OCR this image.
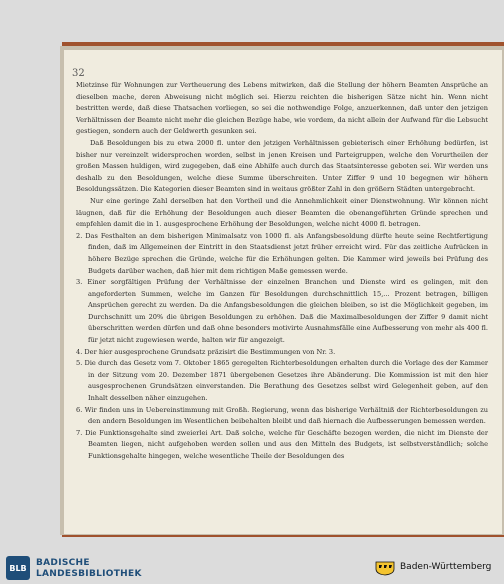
32

Mietzinse für Wohnungen zur Vertheuerung des Lebens mitwirken, daß die Stellung der höhern Beamten Ansprüche an dieselben mache, deren Abweisung nicht möglich sei. Hierzu reichten die bisherigen Sätze nicht hin. Wenn nicht bestritten werde, daß diese Thatsachen vorliegen, so sei die nothwendige Folge, anzuerkennen, daß unter den jetzigen Verhältnissen der Beamte nicht mehr die gleichen Bezüge habe, wie vordem, da nicht allein der Aufwand für die Lebsucht gestiegen, sondern auch der Geldwerth gesunken sei.

Daß Besoldungen bis zu etwa 2000 fl. unter den jetzigen Verhältnissen gebieterisch einer Erhöhung bedürfen, ist bisher nur vereinzelt widersprochen worden, selbst in jenen Kreisen und Parteigruppen, welche den Vorurtheilen der großen Massen huldigen, wird zugegeben, daß eine Abhilfe auch durch das Staatsinteresse geboten sei. Wir werden uns deshalb zu den Besoldungen, welche diese Summe überschreiten. Unter Ziffer 9 und 10 begegnen wir höhern Besoldungssätzen. Die Kategorien dieser Beamten sind in weitaus größter Zahl in den größern Städten untergebracht.

Nur eine geringe Zahl derselben hat den Vortheil und die Annehmlichkeit einer Dienstwohnung. Wir können nicht läugnen, daß für die Erhöhung der Besoldungen auch dieser Beamten die obenangeführten Gründe sprechen und empfehlen damit die in 1. ausgesprochene Erhöhung der Besoldungen, welche nicht 4000 fl. betragen.

2. Das Festhalten an dem bisherigen Minimalsatz von 1000 fl. als Anfangsbesoldung dürfte heute seine Rechtfertigung finden, daß im Allgemeinen der Eintritt in den Staatsdienst jetzt früher erreicht wird. Für das zeitliche Aufrücken in höhere Bezüge sprechen die Gründe, welche für die Erhöhungen gelten. Die Kammer wird jeweils bei Prüfung des Budgets darüber wachen, daß hier mit dem richtigen Maße gemessen werde.

3. Einer sorgfältigen Prüfung der Verhältnisse der einzelnen Branchen und Dienste wird es gelingen, mit den angeforderten Summen, welche im Ganzen für Besoldungen durchschnittlich 15,... Prozent betragen, billigen Ansprüchen gerecht zu werden. Da die Anfangsbesoldungen die gleichen bleiben, so ist die Möglichkeit gegeben, im Durchschnitt um 20% die übrigen Besoldungen zu erhöhen. Daß die Maximalbesoldungen der Ziffer 9 damit nicht überschritten werden dürfen und daß ohne besonders motivirte Ausnahmsfälle eine Aufbesserung von mehr als 400 fl. für jetzt nicht zugewiesen werde, halten wir für angezeigt.

4. Der hier ausgesprochene Grundsatz präzisirt die Bestimmungen von Nr. 3.

5. Die durch das Gesetz vom 7. Oktober 1865 geregelten Richterbesoldungen erhalten durch die Vorlage des der Kammer in der Sitzung vom 20. Dezember 1871 übergebenen Gesetzes ihre Abänderung. Die Kommission ist mit den hier ausgesprochenen Grundsätzen einverstanden. Die Berathung des Gesetzes selbst wird Gelegenheit geben, auf den Inhalt desselben näher einzugehen.

6. Wir finden uns in Uebereinstimmung mit Großh. Regierung, wenn das bisherige Verhältniß der Richterbesoldungen zu den andern Besoldungen im Wesentlichen beibehalten bleibt und daß hiernach die Aufbesserungen bemessen werden.

7. Die Funktionsgehalte sind zweierlei Art. Daß solche, welche für Geschäfte bezogen werden, die nicht im Dienste der Beamten liegen, nicht aufgehoben werden sollen und aus den Mitteln des Budgets, ist selbstverständlich; solche Funktionsgehalte hingegen, welche wesentliche Theile der Besoldungen des

BLB	BADISCHE
LANDESBIBLIOTHEK
Baden-Württemberg
